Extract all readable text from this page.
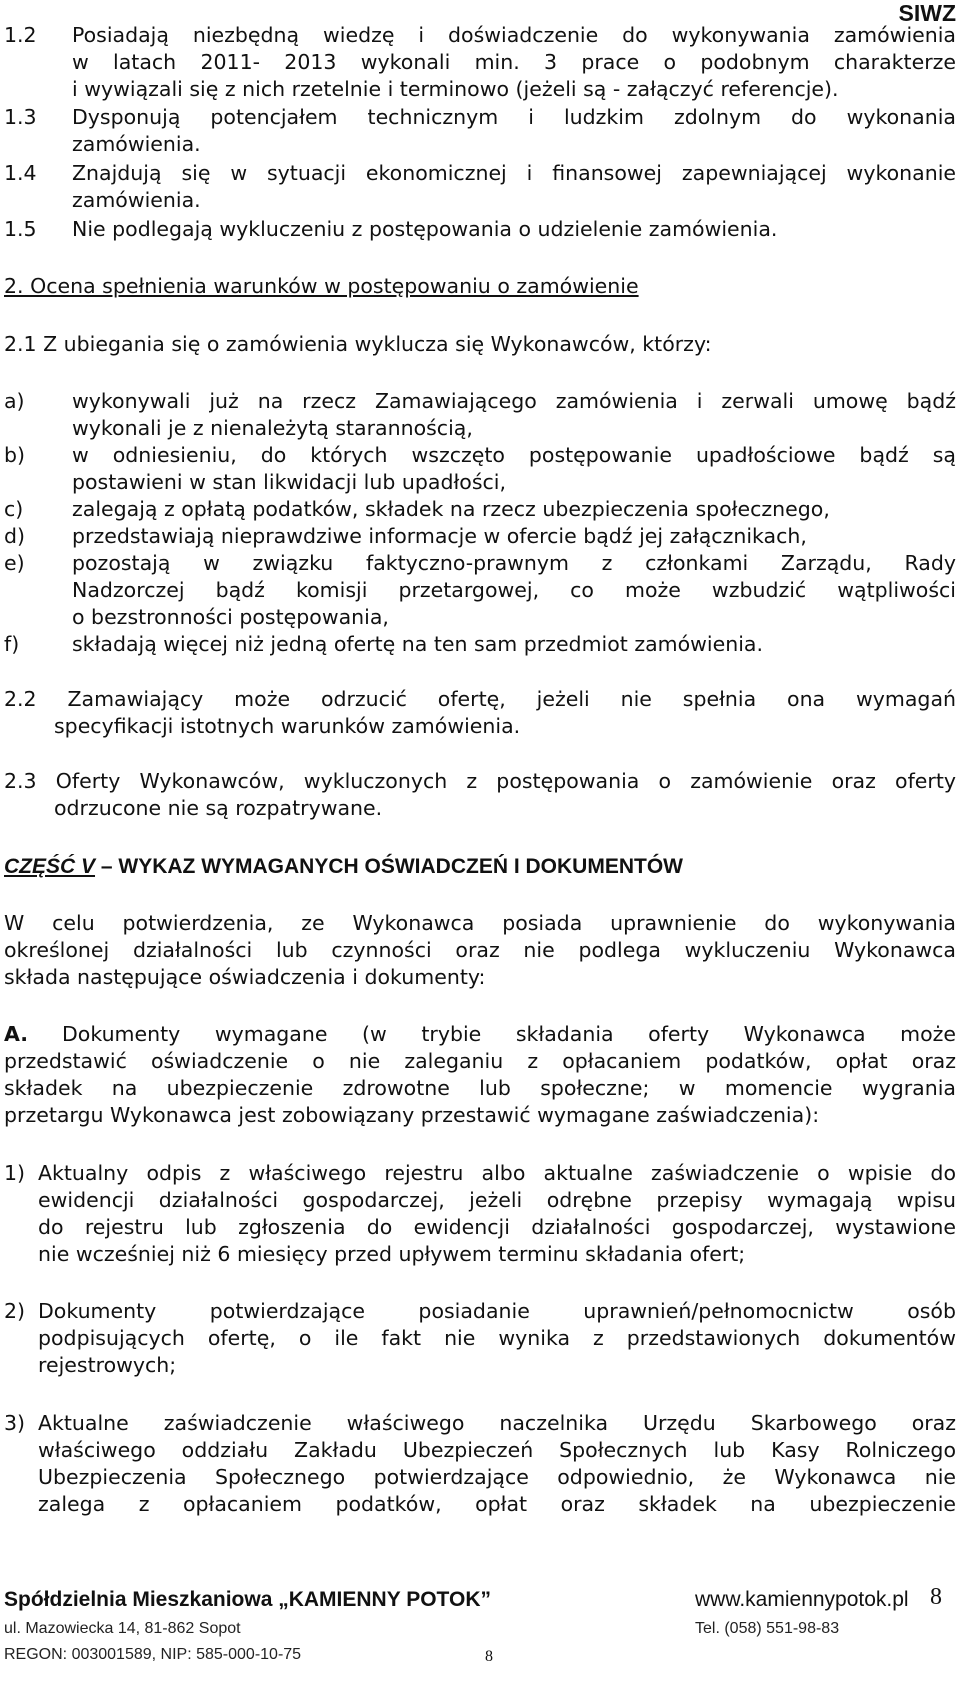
SIWZ
1.2 Posiadają niezbędną wiedzę i doświadczenie do wykonywania zamówienia
w latach 2011- 2013 wykonali min. 3 prace o podobnym charakterze
i wywiązali się z nich rzetelnie i terminowo (jeżeli są - załączyć referencje).
1.3 Dysponują potencjałem technicznym i ludzkim zdolnym do wykonania
zamówienia.
1.4 Znajdują się w sytuacji ekonomicznej i finansowej zapewniającej wykonanie
zamówienia.
1.5 Nie podlegają wykluczeniu z postępowania o udzielenie zamówienia.
2. Ocena spełnienia warunków w postępowaniu o zamówienie
2.1 Z ubiegania się o zamówienia wyklucza się Wykonawców, którzy:
a) wykonywali już na rzecz Zamawiającego zamówienia i zerwali umowę bądź
wykonali je z nienależytą starannością,
b) w odniesieniu, do których wszczęto postępowanie upadłościowe bądź są
postawieni w stan likwidacji lub upadłości,
c) zalegają z opłatą podatków, składek na rzecz ubezpieczenia społecznego,
d) przedstawiają nieprawdziwe informacje w ofercie bądź jej załącznikach,
e) pozostają w związku faktyczno-prawnym z członkami Zarządu, Rady
Nadzorczej bądź komisji przetargowej, co może wzbudzić wątpliwości
o bezstronności postępowania,
f)	składają więcej niż jedną ofertę na ten sam przedmiot zamówienia.
2.2 Zamawiający może odrzucić ofertę, jeżeli nie spełnia ona wymagań
specyfikacji istotnych warunków zamówienia.
2.3 Oferty Wykonawców, wykluczonych z postępowania o zamówienie oraz oferty
odrzucone nie są rozpatrywane.
CZĘŚĆ V – WYKAZ WYMAGANYCH OŚWIADCZEŃ I DOKUMENTÓW
W celu potwierdzenia, ze Wykonawca posiada uprawnienie do wykonywania
określonej działalności lub czynności oraz nie podlega wykluczeniu Wykonawca
składa następujące oświadczenia i dokumenty:
A. Dokumenty wymagane (w trybie składania oferty Wykonawca może
przedstawić oświadczenie o nie zaleganiu z opłacaniem podatków, opłat oraz
składek na ubezpieczenie zdrowotne lub społeczne; w momencie wygrania
przetargu Wykonawca jest zobowiązany przestawić wymagane zaświadczenia):
1) Aktualny odpis z właściwego rejestru albo aktualne zaświadczenie o wpisie do
ewidencji działalności gospodarczej, jeżeli odrębne przepisy wymagają wpisu
do rejestru lub zgłoszenia do ewidencji działalności gospodarczej, wystawione
nie wcześniej niż 6 miesięcy przed upływem terminu składania ofert;
2) Dokumenty potwierdzające posiadanie uprawnień/pełnomocnictw osób
podpisujących ofertę, o ile fakt nie wynika z przedstawionych dokumentów
rejestrowych;
3) Aktualne zaświadczenie właściwego naczelnika Urzędu Skarbowego oraz
właściwego oddziału Zakładu Ubezpieczeń Społecznych lub Kasy Rolniczego
Ubezpieczenia Społecznego potwierdzające odpowiednio, że Wykonawca nie
zalega z opłacaniem podatków, opłat oraz składek na ubezpieczenie
Spółdzielnia Mieszkaniowa „KAMIENNY POTOK”
ul. Mazowiecka 14, 81-862 Sopot
REGON: 003001589, NIP: 585-000-10-75
www.kamiennypotok.pl
Tel. (058) 551-98-83
8
8
